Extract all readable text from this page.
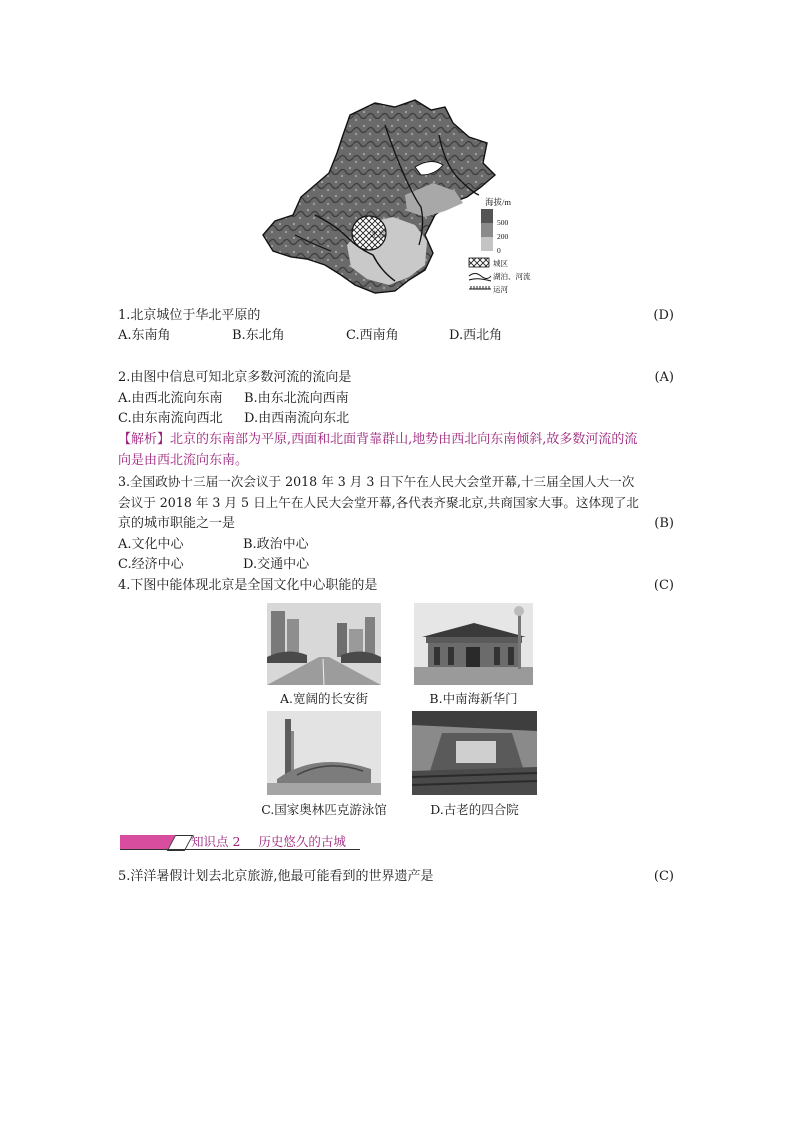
北京
海拔/m
500
200
0
城区
湖泊、河流
运河
1.北京城位于华北平原的	(D)
A.东南角	B.东北角	C.西南角	D.西北角
2.由图中信息可知北京多数河流的流向是	(A)
A.由西北流向东南 B.由东北流向西南
C.由东南流向西北 D.由西南流向东北
【解析】北京的东南部为平原,西面和北面背靠群山,地势由西北向东南倾斜,故多数河流的流
向是由西北流向东南。
3.全国政协十三届一次会议于 2018 年 3 月 3 日下午在人民大会堂开幕,十三届全国人大一次
会议于 2018 年 3 月 5 日上午在人民大会堂开幕,各代表齐聚北京,共商国家大事。这体现了北
京的城市职能之一是	(B)
A.文化中心	B.政治中心
C.经济中心	D.交通中心
4.下图中能体现北京是全国文化中心职能的是	(C)
A.宽阔的长安街	B.中南海新华门
C.国家奥林匹克游泳馆	D.古老的四合院
知识点 2 历史悠久的古城
5.洋洋暑假计划去北京旅游,他最可能看到的世界遗产是	(C)
